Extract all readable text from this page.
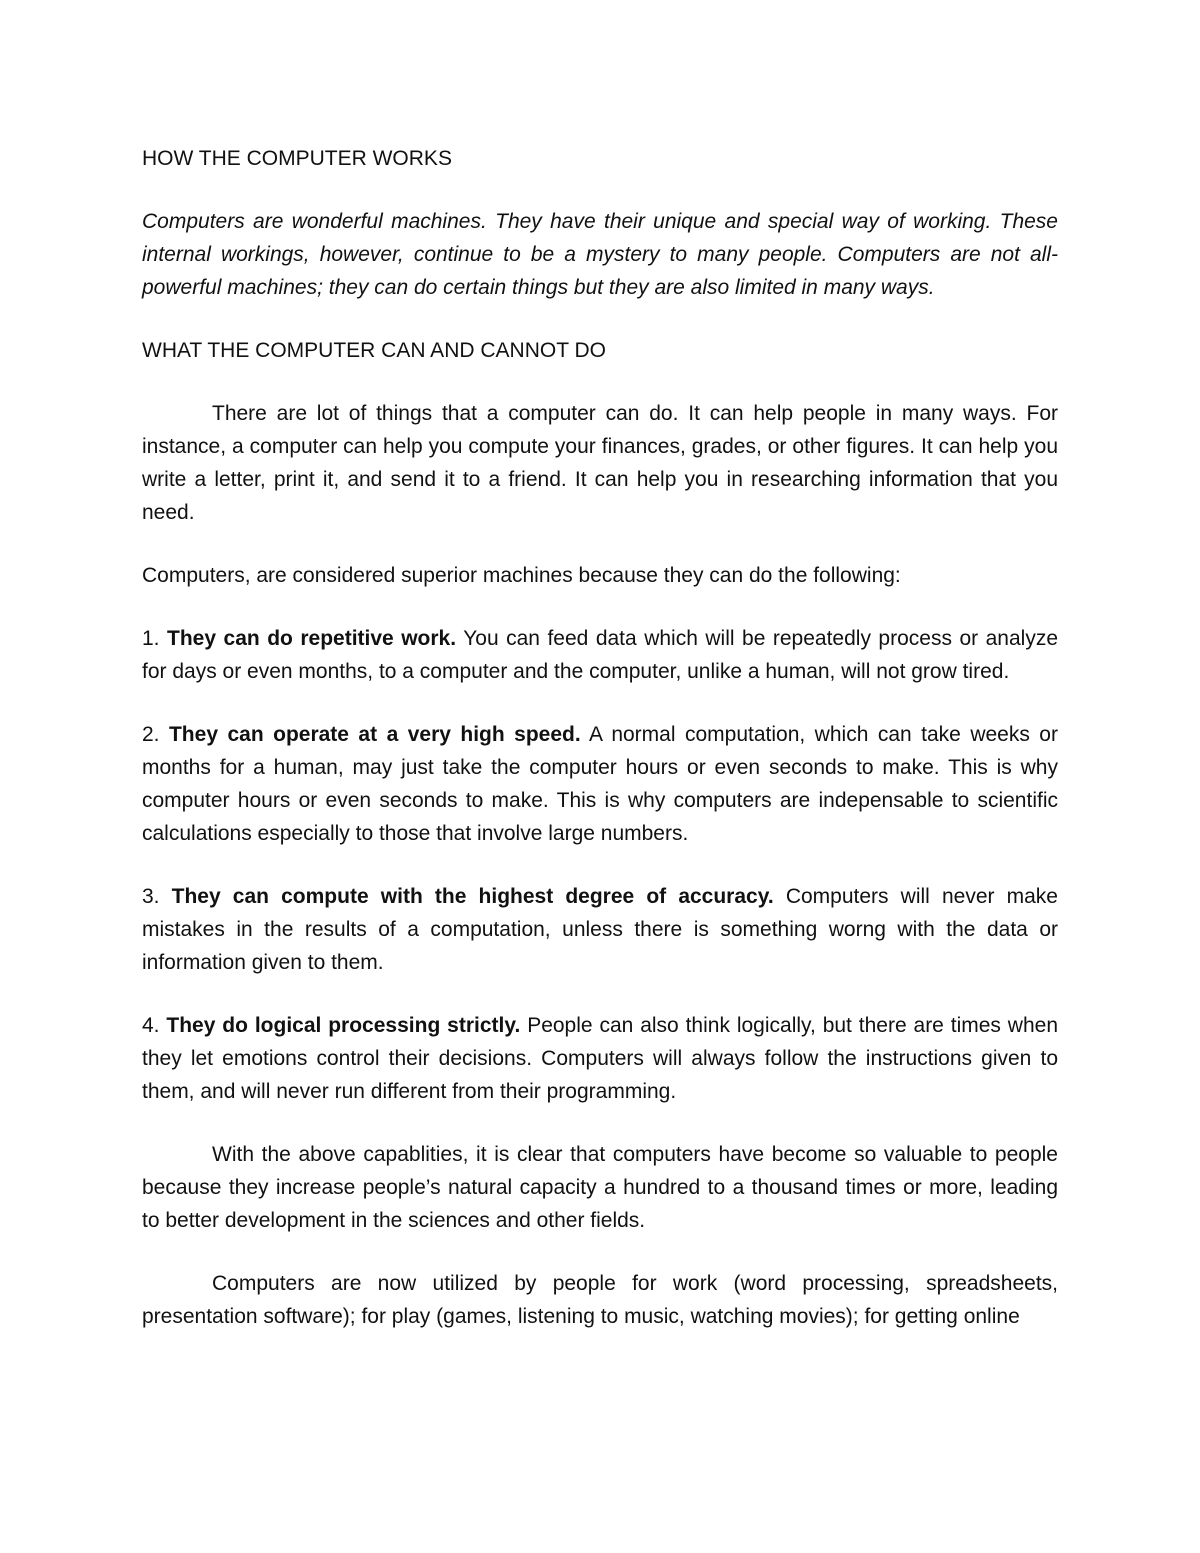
HOW THE COMPUTER WORKS

Computers are wonderful machines. They have their unique and special way of working. These internal workings, however, continue to be a mystery to many people. Computers are not all-powerful machines; they can do certain things but they are also limited in many ways.

WHAT THE COMPUTER CAN AND CANNOT DO

There are lot of things that a computer can do. It can help people in many ways. For instance, a computer can help you compute your finances, grades, or other figures. It can help you write a letter, print it, and send it to a friend. It can help you in researching information that you need.

Computers, are considered superior machines because they can do the following:

1. They can do repetitive work. You can feed data which will be repeatedly process or analyze for days or even months, to a computer and the computer, unlike a human, will not grow tired.

2. They can operate at a very high speed. A normal computation, which can take weeks or months for a human, may just take the computer hours or even seconds to make. This is why computer hours or even seconds to make. This is why computers are indepensable to scientific calculations especially to those that involve large numbers.

3. They can compute with the highest degree of accuracy. Computers will never make mistakes in the results of a computation, unless there is something worng with the data or information given to them.

4. They do logical processing strictly. People can also think logically, but there are times when they let emotions control their decisions. Computers will always follow the instructions given to them, and will never run different from their programming.

With the above capablities, it is clear that computers have become so valuable to people because they increase people’s natural capacity a hundred to a thousand times or more, leading to better development in the sciences and other fields.

Computers are now utilized by people for work (word processing, spreadsheets, presentation software); for play (games, listening to music, watching movies); for getting online
